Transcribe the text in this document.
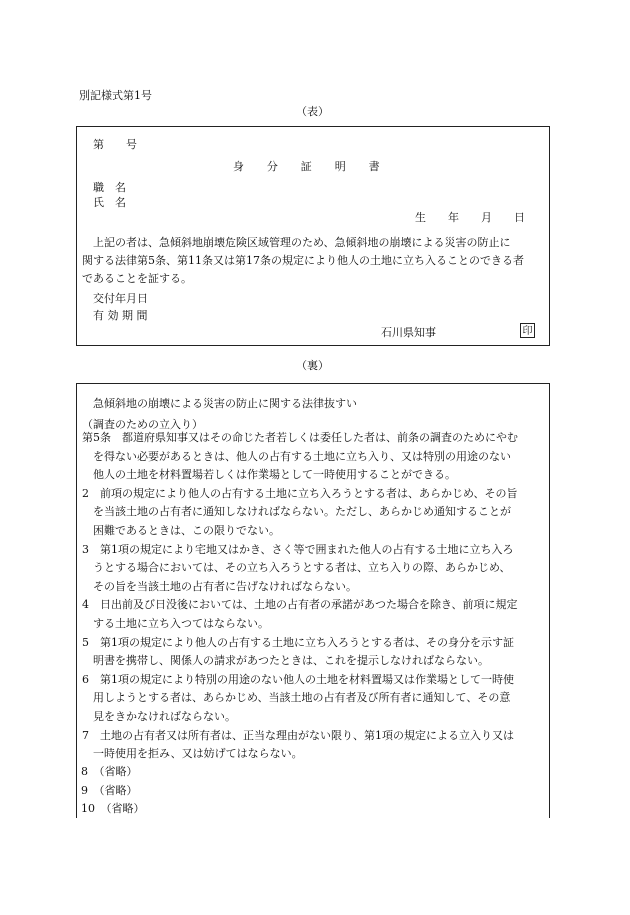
別記様式第1号
（表）
第　　号
身　　分　　証　　明　　書
職　名
氏　名
生　　年　　月　　日
上記の者は、急傾斜地崩壊危険区域管理のため、急傾斜地の崩壊による災害の防止に
関する法律第5条、第11条又は第17条の規定により他人の土地に立ち入ることのできる者
であることを証する。
交付年月日
有 効 期 間
石川県知事	印
（裏）
急傾斜地の崩壊による災害の防止に関する法律抜すい
（調査のための立入り）
第5条　都道府県知事又はその命じた者若しくは委任した者は、前条の調査のためにやむ
　を得ない必要があるときは、他人の占有する土地に立ち入り、又は特別の用途のない
　他人の土地を材料置場若しくは作業場として一時使用することができる。
2　前項の規定により他人の占有する土地に立ち入ろうとする者は、あらかじめ、その旨
　を当該土地の占有者に通知しなければならない。ただし、あらかじめ通知することが
　困難であるときは、この限りでない。
3　第1項の規定により宅地又はかき、さく等で囲まれた他人の占有する土地に立ち入ろ
　うとする場合においては、その立ち入ろうとする者は、立ち入りの際、あらかじめ、
　その旨を当該土地の占有者に告げなければならない。
4　日出前及び日没後においては、土地の占有者の承諾があつた場合を除き、前項に規定
　する土地に立ち入つてはならない。
5　第1項の規定により他人の占有する土地に立ち入ろうとする者は、その身分を示す証
　明書を携帯し、関係人の請求があつたときは、これを提示しなければならない。
6　第1項の規定により特別の用途のない他人の土地を材料置場又は作業場として一時使
　用しようとする者は、あらかじめ、当該土地の占有者及び所有者に通知して、その意
　見をきかなければならない。
7　土地の占有者又は所有者は、正当な理由がない限り、第1項の規定による立入り又は
　一時使用を拒み、又は妨げてはならない。
8　（省略）
9　（省略）
10　（省略）
